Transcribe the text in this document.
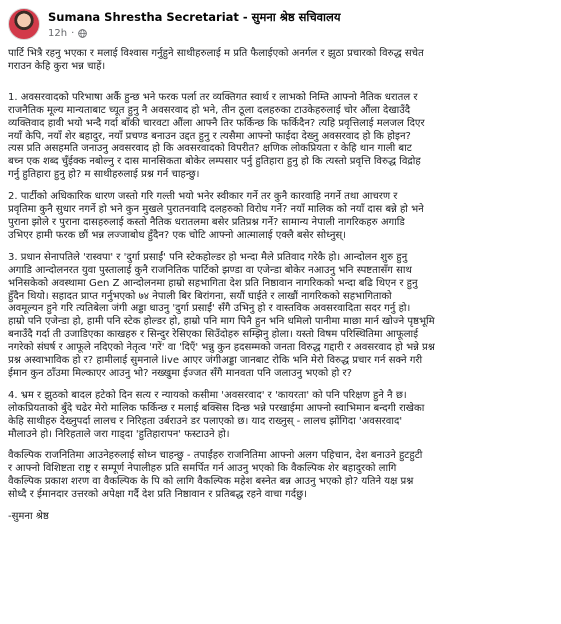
Sumana Shrestha Secretariat - सुमना श्रेष्ठ सचिवालय
12h ·

पार्टि भित्रै रहनु भएका र मलाई विश्वास गर्नुहुने साथीहरुलाई म प्रति फैलाईएको अनर्गल र झुठा प्रचारको विरुद्ध सचेत
गराउन केहि कुरा भन्न चाहें।

1. अवसरवादको परिभाषा अर्कै हुन्छ भने फरक पर्ला तर व्यक्तिगत स्वार्थ र लाभको निम्ति आफ्नो नैतिक धरातल र
राजनैतिक मूल्य मान्यताबाट च्यूत हुनु नै अवसरवाद हो भने, तीन ठूला दलहरुका टाउकेहरुलाई चोर औंला देखाउँदै
व्यक्तिवाद हावी भयो भन्दै गर्दा बाँकी चारवटा औंला आफ्नै तिर फर्किन्छ कि फर्किदैन? त्यहि प्रवृत्तिलाई मलजल दिएर
नयाँ केपि, नयाँ शेर बहादुर, नयाँ प्रचण्ड बनाउन उद्दत हुनु र त्यसैमा आफ्नो फाईदा देख्नु अवसरवाद हो कि होइन?
त्यस प्रति असहमति जनाउनु अवसरवाद हो कि अवसरवादको विपरीत? क्षणिक लोकप्रियता र केहि थान गाली बाट
बच्न एक शब्द चुँईक्क नबोल्नु र दास मानसिकता बोकेर लम्पसार पर्नु हुतिहारा हुनु हो कि त्यस्तो प्रवृत्ति विरुद्ध विद्रोह
गर्नु हुतिहारा हुनु हो? म साथीहरुलाई प्रश्न गर्न चाहन्छु।

2. पार्टीको अधिकारिक धारण जस्तो गरि गल्ती भयो भनेर स्वीकार गर्ने तर कुनै कारवाहि नगर्ने तथा आचरण र
प्रवृतिमा कुनै सुधार नगर्ने हो भने कुन मुखले पुरातनवादि दलहरुको विरोध गर्ने? नयाँ मालिक को नयाँ दास बन्ने हो भने
पुराना झोले र पुराना दासहरुलाई कस्तो नैतिक धरातलमा बसेर प्रतिप्रश्न गर्ने? सामान्य नेपाली नागरिकहरु अगाडि
उभिएर हामी फरक छौं भन्न लज्जाबोध हुँदैन? एक चोटि आफ्नो आत्मालाई एक्लै बसेर सोध्नुस्।

3. प्रधान सेनापतिले 'रास्वपा' र 'दुर्गा प्रसाईं' पनि स्टेकहोल्डर हो भन्दा मैले प्रतिवाद गरेकै हो। आन्दोलन शुरु हुनु
अगाडि आन्दोलनरत युवा पुस्तालाई कुनै राजनितिक पार्टिको झण्डा वा एजेन्डा बोकेर नआउनु भनि स्पष्टतासँग साथ
भनिसकेको अवस्थामा Gen Z आन्दोलनमा हाम्रो सहभागिता देश प्रति निष्ठावान नागरिकको भन्दा बढि थिएन र हुनु
हुँदैन थियो। सहादत प्राप्त गर्नुभएको ७४ नेपाली बिर बिरांगना, सयौं घाईते र लाखौं नागरिकको सहभागिताको
अवमूल्यन हुने गरि त्यतिबेला जंगी अड्डा धाउनु 'दुर्गा प्रसाईं' सँगै उभिनु हो र वास्तविक अवसरवादिता सदर गर्नु हो।
हाम्रो पनि एजेन्डा हो, हामी पनि स्टेक होल्डर हो, हाम्रो पनि माग पिनै हुन भनि धमिलो पानीमा माछा मार्न खोज्ने पृष्ठभूमि
बनाउँदै गर्दा ती उजाडिएका काखहरु र सिन्दुर रेसिएका सिउँदोहरु सम्झिनु होला। यस्तो विषम परिस्थितिमा आफूलाई
नगरेको संघर्ष र आफूले नदिएको नेतृत्व 'गरें' वा 'दिएँ' भन्नु कुन हदसम्मको जनता विरुद्ध गद्दारी र अवसरवाद हो भन्ने प्रश्न
प्रश्न अस्वाभाविक हो र? हामीलाई सुमनाले live आएर जंगीअड्डा जानबाट रोकि भनि मेरो विरुद्ध प्रचार गर्न सक्ने गरी
ईमान कुन ठाँउमा मिल्काएर आउनु भो? नख्खुमा ईज्जत सँगै मानवता पनि जलाउनु भएको हो र?

4. भ्रम र झुठको बादल हटेको दिन सत्य र न्यायको कसीमा 'अवसरवाद' र 'कायरता' को पनि परिक्षण हुने नै छ।
लोकप्रियताको बुँदे चढेर मेरो मालिक फर्किन्छ र मलाई बक्सिस दिन्छ भन्ने परखाईमा आफ्नो स्वाभिमान बन्दगी राखेका
केहि साथीहरु देख्नुपर्दा लालच र निरिहता उर्बराउने डर पलाएको छ। याद राख्नुस् - लालच झोंगिदा 'अवसरवाद'
मौलाउने हो। निरिहताले जरा गाड्दा 'हुतिहारापन' फस्टाउने हो।

वैकल्पिक राजनितिमा आउनेहरुलाई सोध्न चाहन्छु - तपाईंहरु राजनितिमा आफ्नो अलग पहिचान, देश बनाउने हुटहुटी
र आफ्नो विशिष्टता राष्ट्र र सम्पूर्ण नेपालीहरु प्रति समर्पित गर्न आउनु भएको कि वैकल्पिक शेर बहादुरको लागि
वैकल्पिक प्रकाश शरण वा वैकल्पिक के पि को लागि वैकल्पिक महेश बस्नेत बन्न आउनु भएको हो? यतिने यक्ष प्रश्न
सोध्दै र ईमानदार उत्तरको अपेक्षा गर्दै देश प्रति निष्ठावान र प्रतिबद्ध रहने वाचा गर्दछु।

-सुमना श्रेष्ठ
